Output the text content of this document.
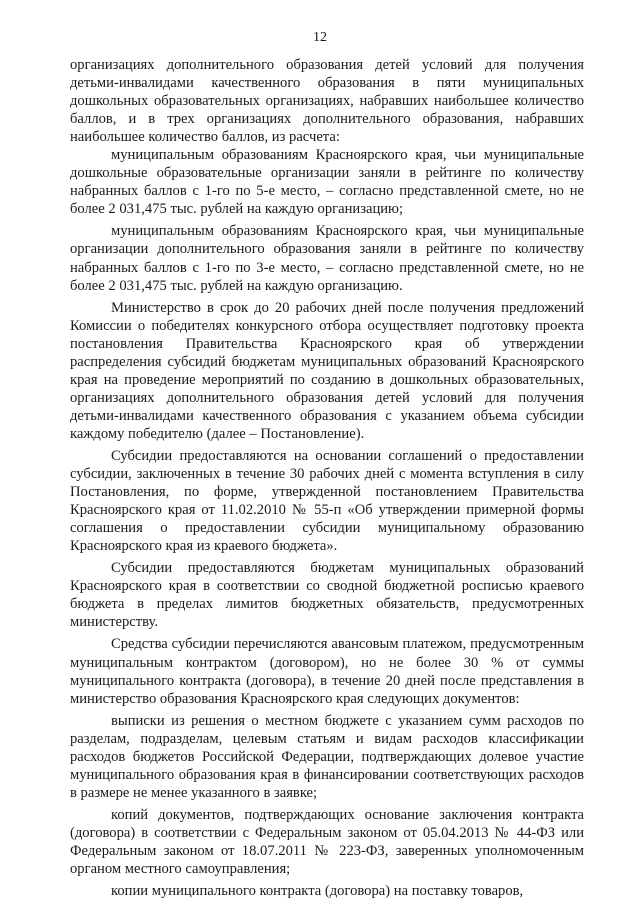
12

организациях дополнительного образования детей условий для получения детьми-инвалидами качественного образования в пяти муниципальных дошкольных образовательных организациях, набравших наибольшее количество баллов, и в трех организациях дополнительного образования, набравших наибольшее количество баллов, из расчета:

муниципальным образованиям Красноярского края, чьи муниципальные дошкольные образовательные организации заняли в рейтинге по количеству набранных баллов с 1-го по 5-е место, – согласно представленной смете, но не более 2 031,475 тыс. рублей на каждую организацию;

муниципальным образованиям Красноярского края, чьи муниципальные организации дополнительного образования заняли в рейтинге по количеству набранных баллов с 1-го по 3-е место, – согласно представленной смете, но не более 2 031,475 тыс. рублей на каждую организацию.

Министерство в срок до 20 рабочих дней после получения предложений Комиссии о победителях конкурсного отбора осуществляет подготовку проекта постановления Правительства Красноярского края об утверждении распределения субсидий бюджетам муниципальных образований Красноярского края на проведение мероприятий по созданию в дошкольных образовательных, организациях дополнительного образования детей условий для получения детьми-инвалидами качественного образования с указанием объема субсидии каждому победителю (далее – Постановление).

Субсидии предоставляются на основании соглашений о предоставлении субсидии, заключенных в течение 30 рабочих дней с момента вступления в силу Постановления, по форме, утвержденной постановлением Правительства Красноярского края от 11.02.2010 № 55-п «Об утверждении примерной формы соглашения о предоставлении субсидии муниципальному образованию Красноярского края из краевого бюджета».

Субсидии предоставляются бюджетам муниципальных образований Красноярского края в соответствии со сводной бюджетной росписью краевого бюджета в пределах лимитов бюджетных обязательств, предусмотренных министерству.

Средства субсидии перечисляются авансовым платежом, предусмотренным муниципальным контрактом (договором), но не более 30 % от суммы муниципального контракта (договора), в течение 20 дней после представления в министерство образования Красноярского края следующих документов:

выписки из решения о местном бюджете с указанием сумм расходов по разделам, подразделам, целевым статьям и видам расходов классификации расходов бюджетов Российской Федерации, подтверждающих долевое участие муниципального образования края в финансировании соответствующих расходов в размере не менее указанного в заявке;

копий документов, подтверждающих основание заключения контракта (договора) в соответствии с Федеральным законом от 05.04.2013 № 44-ФЗ или Федеральным законом от 18.07.2011 № 223-ФЗ, заверенных уполномоченным органом местного самоуправления;

копии муниципального контракта (договора) на поставку товаров,
